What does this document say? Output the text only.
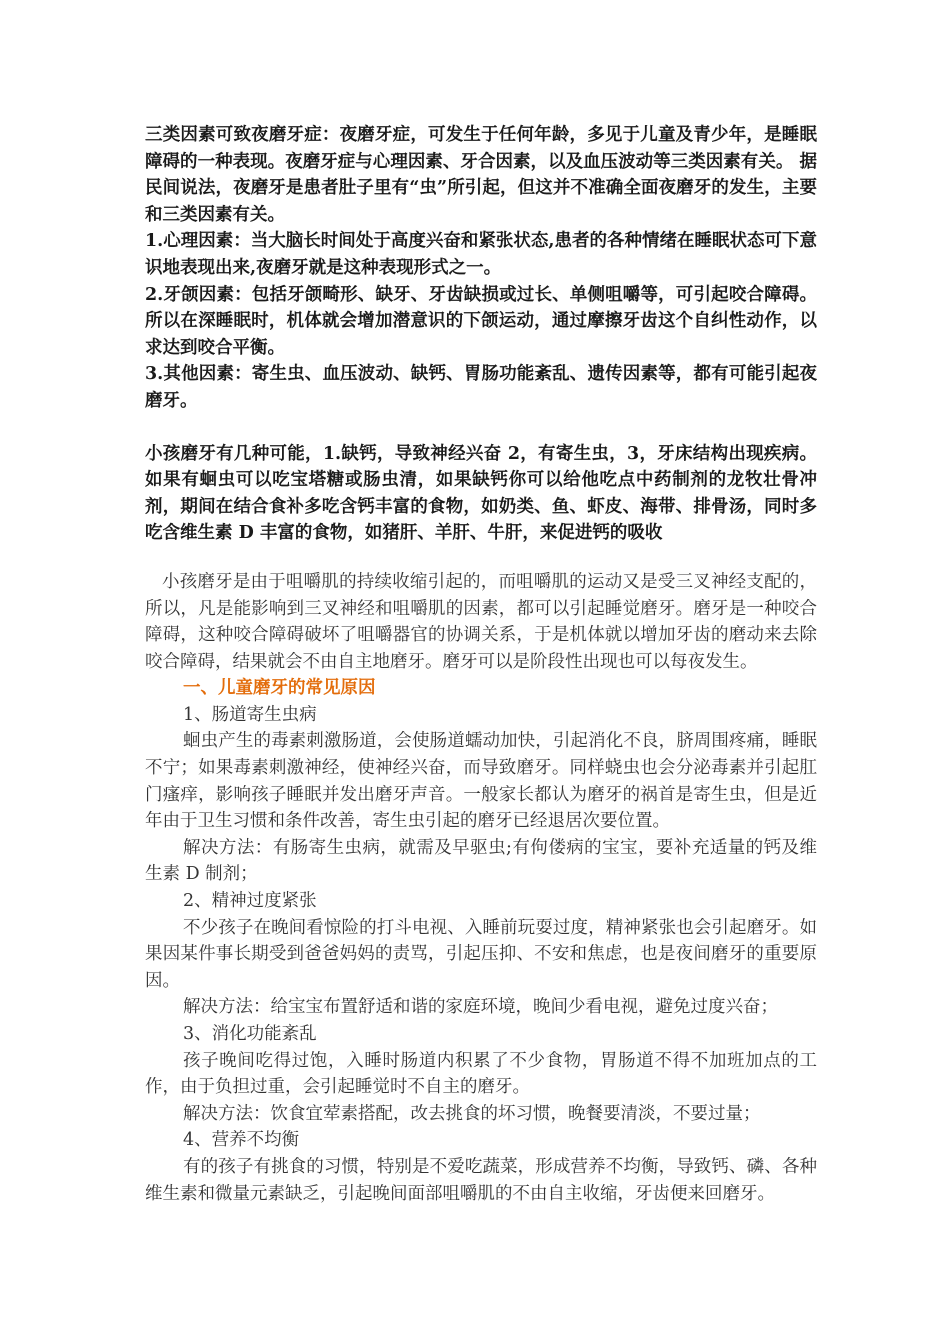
三类因素可致夜磨牙症：夜磨牙症，可发生于任何年龄，多见于儿童及青少年，是睡眠障碍的一种表现。夜磨牙症与心理因素、牙合因素，以及血压波动等三类因素有关。 据民间说法，夜磨牙是患者肚子里有“虫”所引起，但这并不准确全面夜磨牙的发生，主要和三类因素有关。

1.心理因素：当大脑长时间处于高度兴奋和紧张状态,患者的各种情绪在睡眠状态可下意识地表现出来,夜磨牙就是这种表现形式之一。

2.牙颌因素：包括牙颌畸形、缺牙、牙齿缺损或过长、单侧咀嚼等，可引起咬合障碍。所以在深睡眠时，机体就会增加潜意识的下颌运动，通过摩擦牙齿这个自纠性动作，以求达到咬合平衡。

3.其他因素：寄生虫、血压波动、缺钙、胃肠功能紊乱、遗传因素等，都有可能引起夜磨牙。

小孩磨牙有几种可能，1.缺钙，导致神经兴奋 2，有寄生虫，3，牙床结构出现疾病。如果有蛔虫可以吃宝塔糖或肠虫清，如果缺钙你可以给他吃点中药制剂的龙牧壮骨冲剂，期间在结合食补多吃含钙丰富的食物，如奶类、鱼、虾皮、海带、排骨汤，同时多吃含维生素 D 丰富的食物，如猪肝、羊肝、牛肝，来促进钙的吸收

小孩磨牙是由于咀嚼肌的持续收缩引起的，而咀嚼肌的运动又是受三叉神经支配的，所以，凡是能影响到三叉神经和咀嚼肌的因素，都可以引起睡觉磨牙。磨牙是一种咬合障碍，这种咬合障碍破坏了咀嚼器官的协调关系，于是机体就以增加牙齿的磨动来去除咬合障碍，结果就会不由自主地磨牙。磨牙可以是阶段性出现也可以每夜发生。

一、儿童磨牙的常见原因

1、肠道寄生虫病

蛔虫产生的毒素刺激肠道，会使肠道蠕动加快，引起消化不良，脐周围疼痛，睡眠不宁；如果毒素刺激神经，使神经兴奋，而导致磨牙。同样蛲虫也会分泌毒素并引起肛门瘙痒，影响孩子睡眠并发出磨牙声音。一般家长都认为磨牙的祸首是寄生虫，但是近年由于卫生习惯和条件改善，寄生虫引起的磨牙已经退居次要位置。

解决方法：有肠寄生虫病，就需及早驱虫;有佝偻病的宝宝，要补充适量的钙及维生素 D 制剂；

2、精神过度紧张

不少孩子在晚间看惊险的打斗电视、入睡前玩耍过度，精神紧张也会引起磨牙。如果因某件事长期受到爸爸妈妈的责骂，引起压抑、不安和焦虑，也是夜间磨牙的重要原因。

解决方法：给宝宝布置舒适和谐的家庭环境，晚间少看电视，避免过度兴奋；

3、消化功能紊乱

孩子晚间吃得过饱，入睡时肠道内积累了不少食物，胃肠道不得不加班加点的工作，由于负担过重，会引起睡觉时不自主的磨牙。

解决方法：饮食宜荤素搭配，改去挑食的坏习惯，晚餐要清淡，不要过量；

4、营养不均衡

有的孩子有挑食的习惯，特别是不爱吃蔬菜，形成营养不均衡，导致钙、磷、各种维生素和微量元素缺乏，引起晚间面部咀嚼肌的不由自主收缩，牙齿便来回磨牙。
